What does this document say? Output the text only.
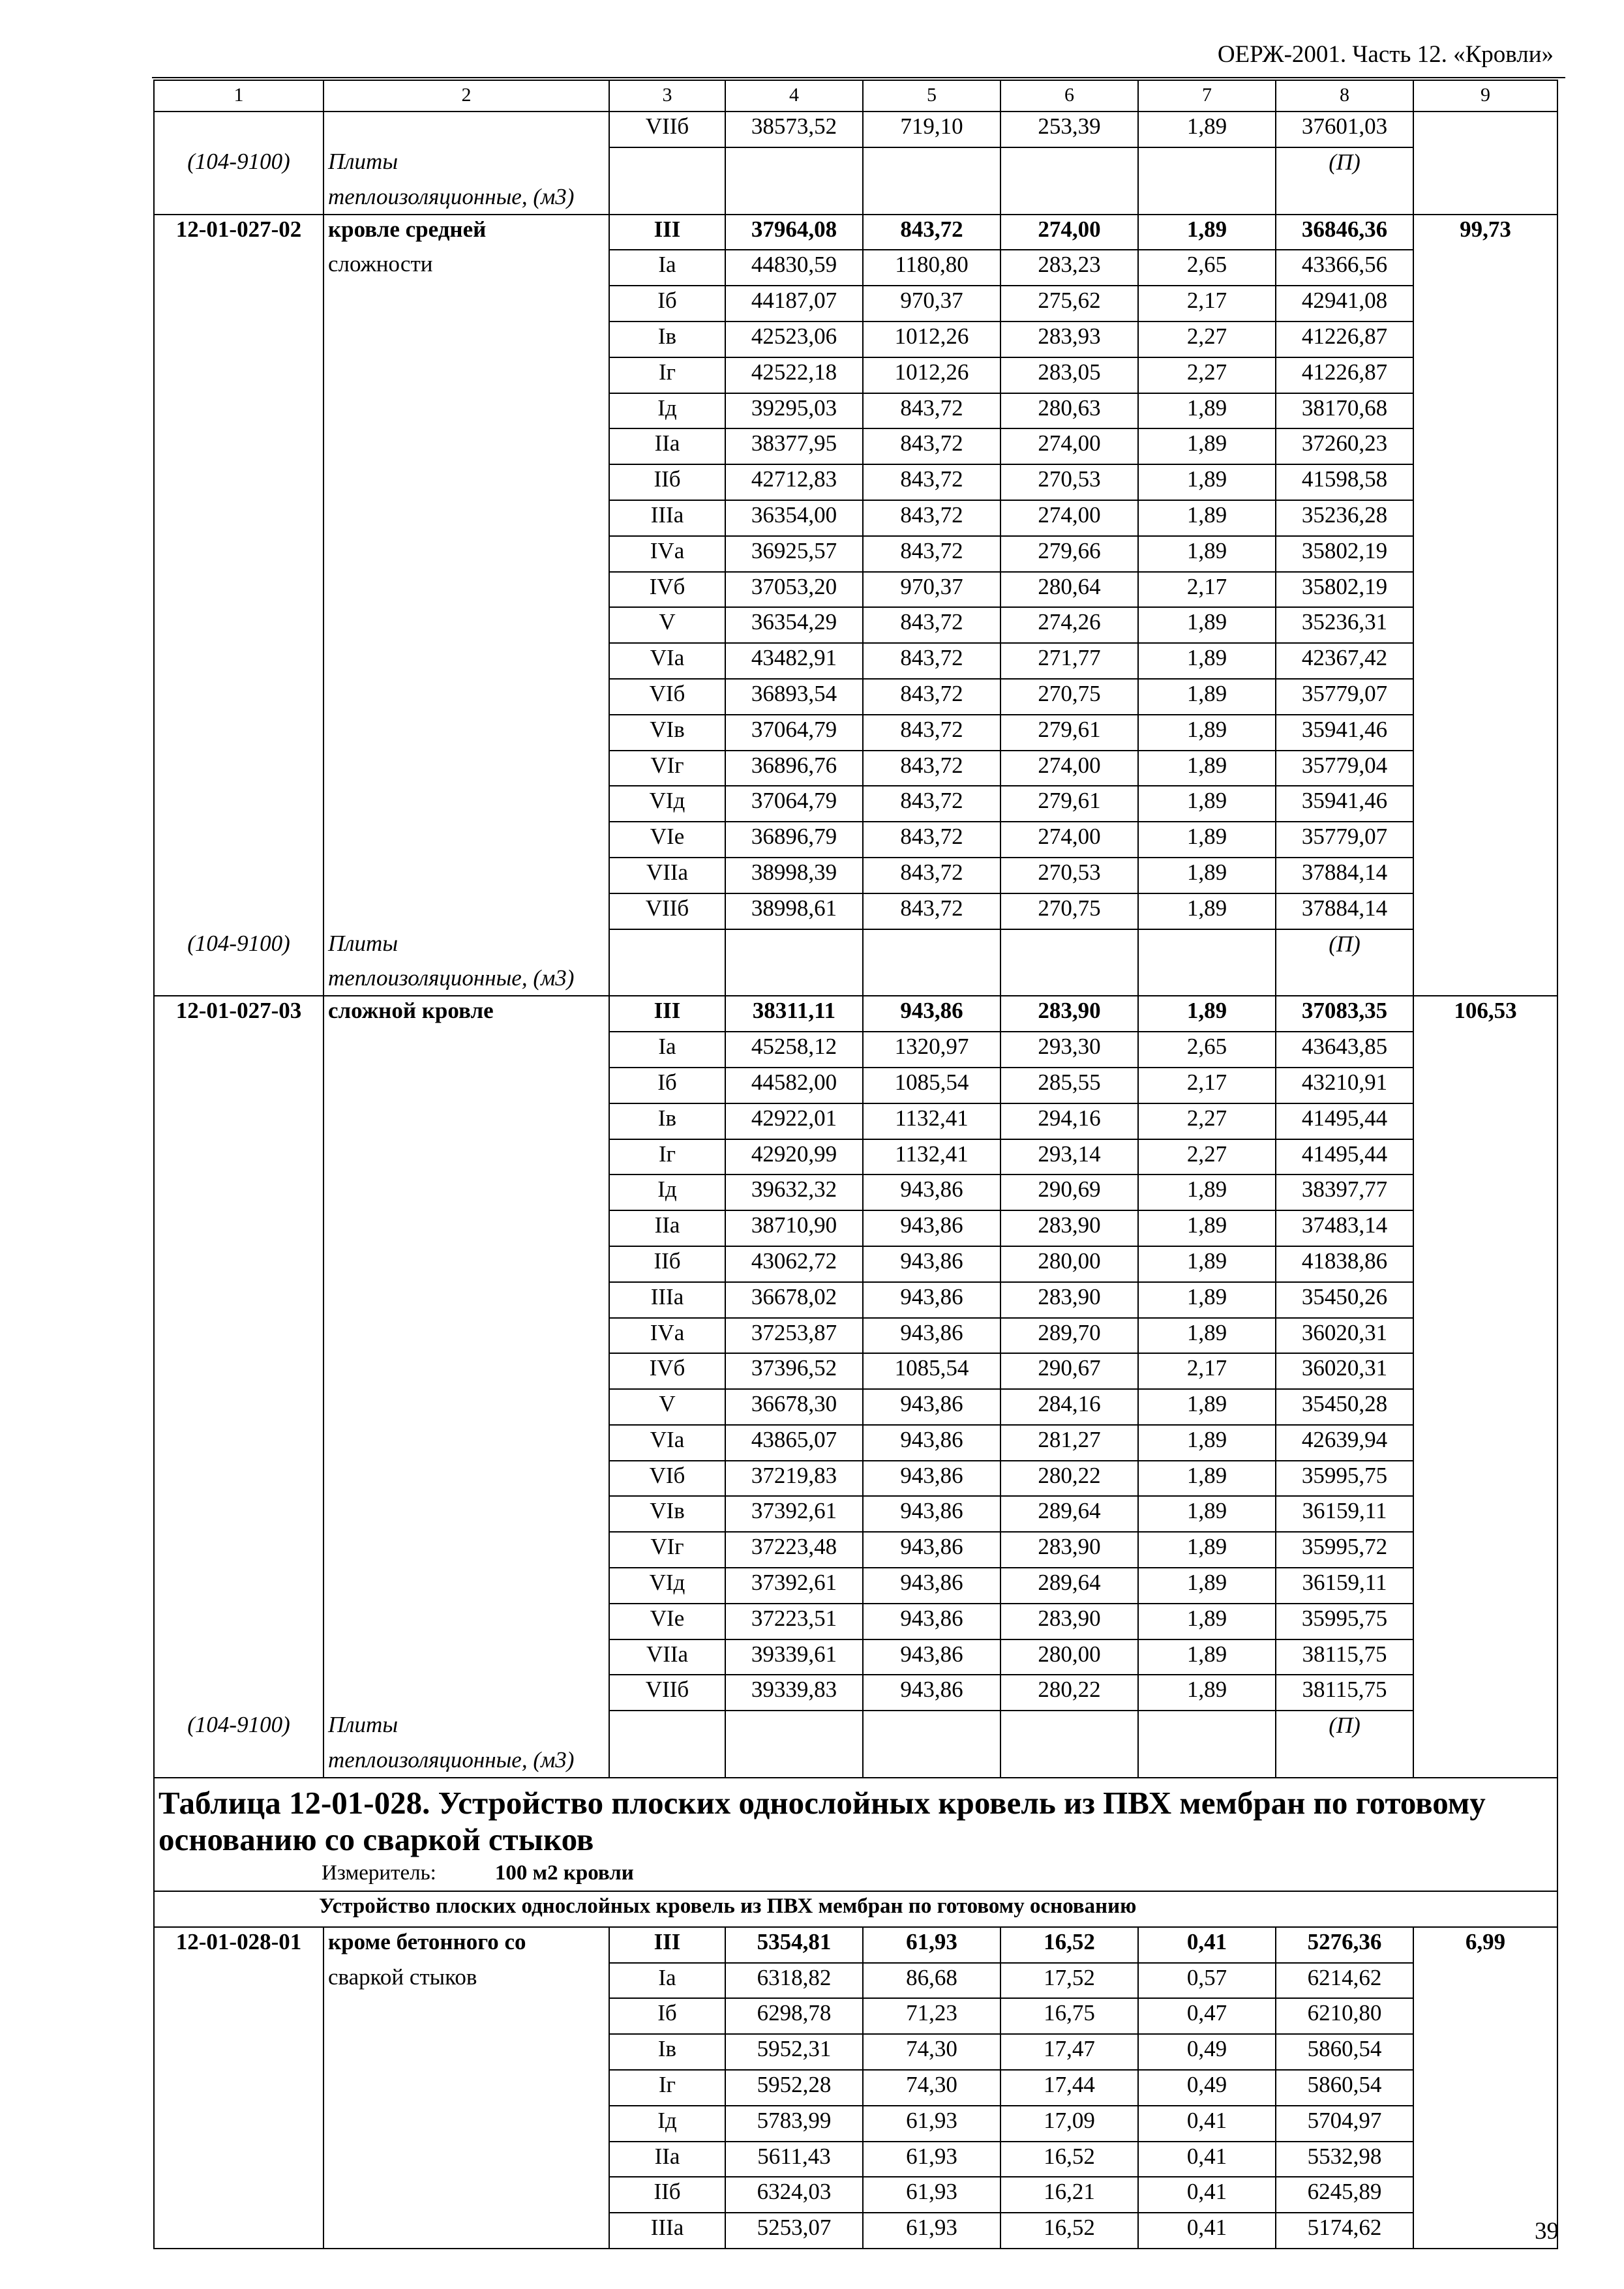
ОЕРЖ-2001. Часть 12. «Кровли»
1	2	3	4	5	6	7	8	9
		VIIб	38573,52	719,10	253,39	1,89	37601,03	
(104-9100)	Плиты						(П)	
	теплоизоляционные, (м3)							
12-01-027-02	кровле средней	III	37964,08	843,72	274,00	1,89	36846,36	99,73
	сложности	Iа	44830,59	1180,80	283,23	2,65	43366,56	
		Iб	44187,07	970,37	275,62	2,17	42941,08	
		Iв	42523,06	1012,26	283,93	2,27	41226,87	
		Iг	42522,18	1012,26	283,05	2,27	41226,87	
		Iд	39295,03	843,72	280,63	1,89	38170,68	
		IIа	38377,95	843,72	274,00	1,89	37260,23	
		IIб	42712,83	843,72	270,53	1,89	41598,58	
		IIIа	36354,00	843,72	274,00	1,89	35236,28	
		IVа	36925,57	843,72	279,66	1,89	35802,19	
		IVб	37053,20	970,37	280,64	2,17	35802,19	
		V	36354,29	843,72	274,26	1,89	35236,31	
		VIа	43482,91	843,72	271,77	1,89	42367,42	
		VIб	36893,54	843,72	270,75	1,89	35779,07	
		VIв	37064,79	843,72	279,61	1,89	35941,46	
		VIг	36896,76	843,72	274,00	1,89	35779,04	
		VIд	37064,79	843,72	279,61	1,89	35941,46	
		VIе	36896,79	843,72	274,00	1,89	35779,07	
		VIIа	38998,39	843,72	270,53	1,89	37884,14	
		VIIб	38998,61	843,72	270,75	1,89	37884,14	
(104-9100)	Плиты						(П)	
	теплоизоляционные, (м3)							
12-01-027-03	сложной кровле	III	38311,11	943,86	283,90	1,89	37083,35	106,53
		Iа	45258,12	1320,97	293,30	2,65	43643,85	
		Iб	44582,00	1085,54	285,55	2,17	43210,91	
		Iв	42922,01	1132,41	294,16	2,27	41495,44	
		Iг	42920,99	1132,41	293,14	2,27	41495,44	
		Iд	39632,32	943,86	290,69	1,89	38397,77	
		IIа	38710,90	943,86	283,90	1,89	37483,14	
		IIб	43062,72	943,86	280,00	1,89	41838,86	
		IIIа	36678,02	943,86	283,90	1,89	35450,26	
		IVа	37253,87	943,86	289,70	1,89	36020,31	
		IVб	37396,52	1085,54	290,67	2,17	36020,31	
		V	36678,30	943,86	284,16	1,89	35450,28	
		VIа	43865,07	943,86	281,27	1,89	42639,94	
		VIб	37219,83	943,86	280,22	1,89	35995,75	
		VIв	37392,61	943,86	289,64	1,89	36159,11	
		VIг	37223,48	943,86	283,90	1,89	35995,72	
		VIд	37392,61	943,86	289,64	1,89	36159,11	
		VIе	37223,51	943,86	283,90	1,89	35995,75	
		VIIа	39339,61	943,86	280,00	1,89	38115,75	
		VIIб	39339,83	943,86	280,22	1,89	38115,75	
(104-9100)	Плиты						(П)	
	теплоизоляционные, (м3)							

Таблица 12-01-028. Устройство плоских однослойных кровель из ПВХ мембран по готовому основанию со сваркой стыков
Измеритель: 100 м2 кровли								

Устройство плоских однослойных кровель из ПВХ мембран по готовому основанию								
12-01-028-01	кроме бетонного со	III	5354,81	61,93	16,52	0,41	5276,36	6,99
	сваркой стыков	Iа	6318,82	86,68	17,52	0,57	6214,62	
		Iб	6298,78	71,23	16,75	0,47	6210,80	
		Iв	5952,31	74,30	17,47	0,49	5860,54	
		Iг	5952,28	74,30	17,44	0,49	5860,54	
		Iд	5783,99	61,93	17,09	0,41	5704,97	
		IIа	5611,43	61,93	16,52	0,41	5532,98	
		IIб	6324,03	61,93	16,21	0,41	6245,89	
		IIIа	5253,07	61,93	16,52	0,41	5174,62		39
